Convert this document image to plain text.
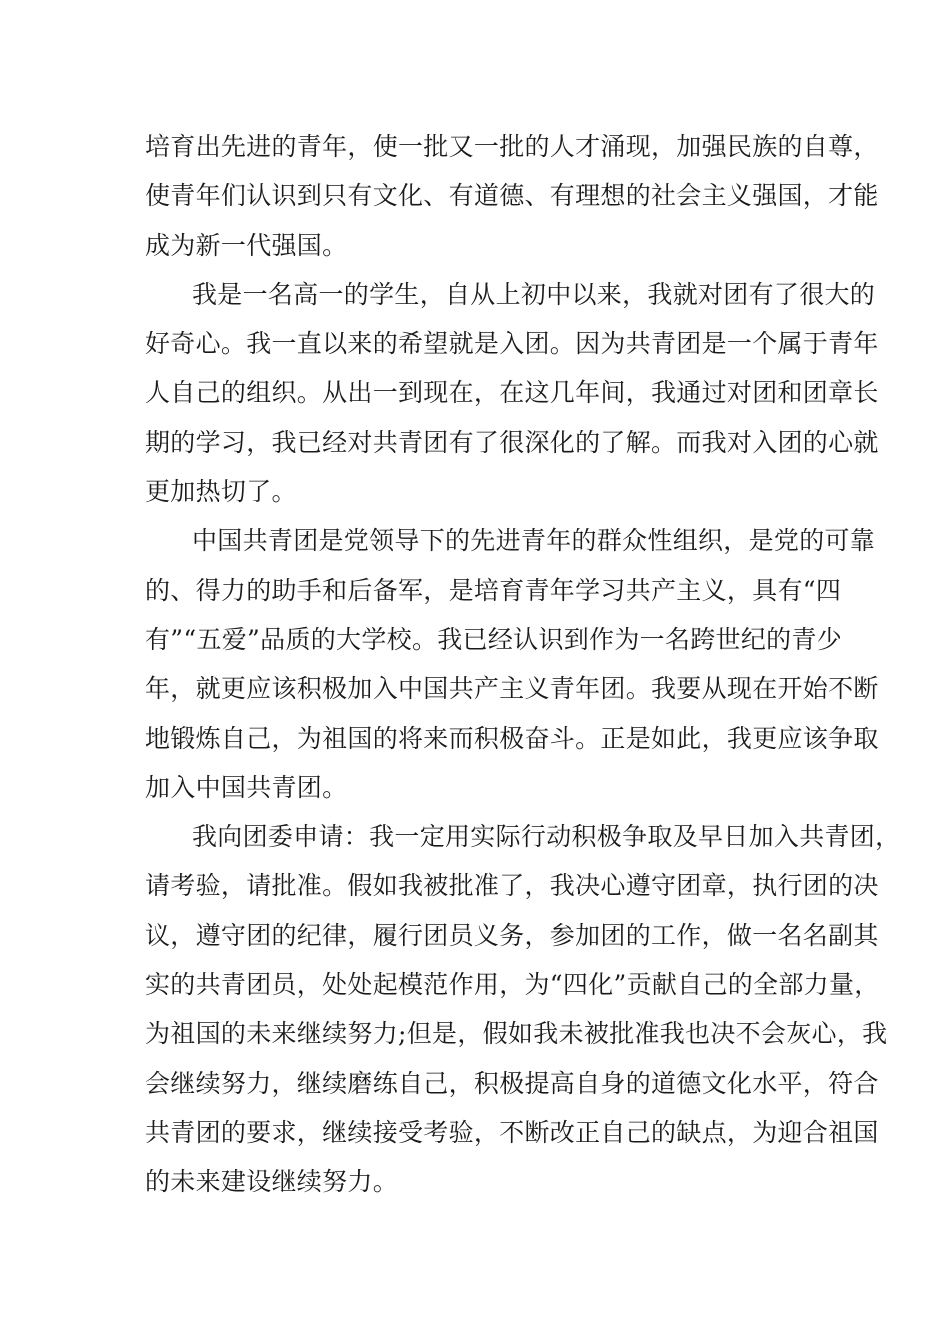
培育出先进的青年，使一批又一批的人才涌现，加强民族的自尊，
使青年们认识到只有文化、有道德、有理想的社会主义强国，才能
成为新一代强国。
我是一名高一的学生，自从上初中以来，我就对团有了很大的
好奇心。我一直以来的希望就是入团。因为共青团是一个属于青年
人自己的组织。从出一到现在，在这几年间，我通过对团和团章长
期的学习，我已经对共青团有了很深化的了解。而我对入团的心就
更加热切了。
中国共青团是党领导下的先进青年的群众性组织，是党的可靠
的、得力的助手和后备军，是培育青年学习共产主义，具有“四
有”“五爱”品质的大学校。我已经认识到作为一名跨世纪的青少
年，就更应该积极加入中国共产主义青年团。我要从现在开始不断
地锻炼自己，为祖国的将来而积极奋斗。正是如此，我更应该争取
加入中国共青团。
我向团委申请：我一定用实际行动积极争取及早日加入共青团，
请考验，请批准。假如我被批准了，我决心遵守团章，执行团的决
议，遵守团的纪律，履行团员义务，参加团的工作，做一名名副其
实的共青团员，处处起模范作用，为“四化”贡献自己的全部力量，
为祖国的未来继续努力;但是，假如我未被批准我也决不会灰心，我
会继续努力，继续磨练自己，积极提高自身的道德文化水平，符合
共青团的要求，继续接受考验，不断改正自己的缺点，为迎合祖国
的未来建设继续努力。
